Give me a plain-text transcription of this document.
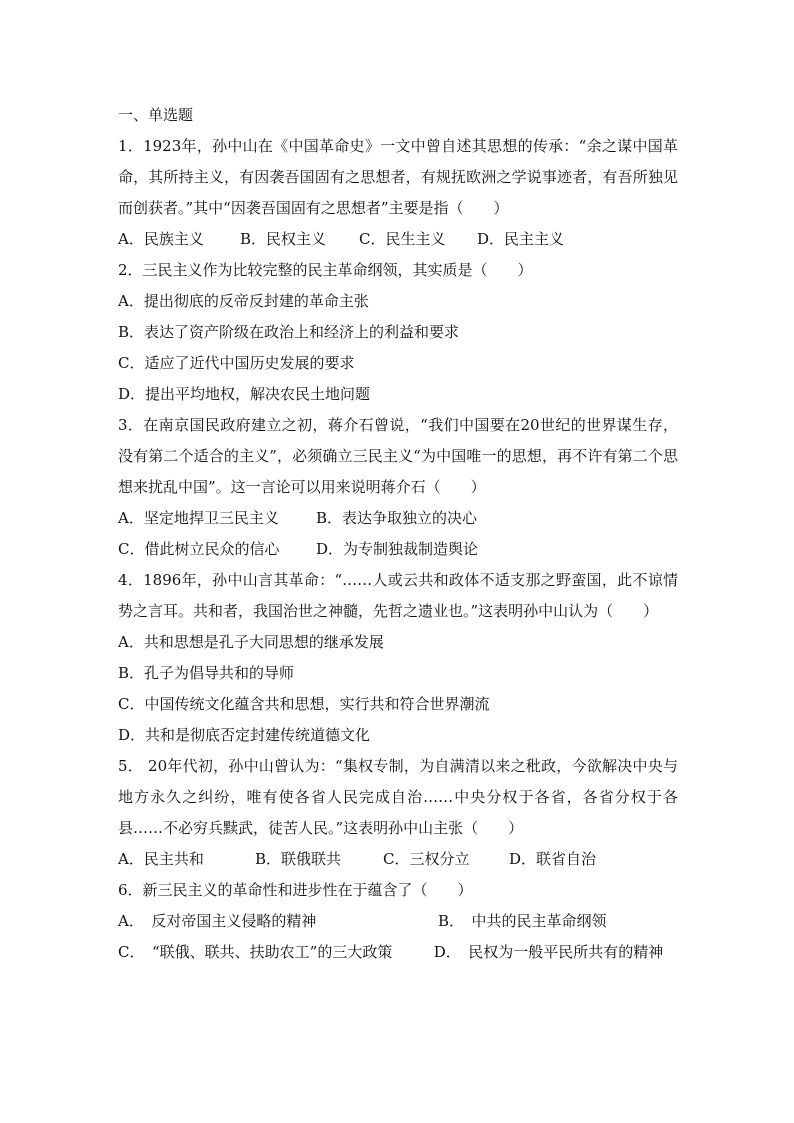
一、单选题

1．1923年，孙中山在《中国革命史》一文中曾自述其思想的传承：“余之谋中国革命，其所持主义，有因袭吾国固有之思想者，有规抚欧洲之学说事迹者，有吾所独见而创获者。”其中“因袭吾国固有之思想者”主要是指（　　）

A．民族主义	B．民权主义	C．民生主义	D．民主主义

2．三民主义作为比较完整的民主革命纲领，其实质是（　　）

A．提出彻底的反帝反封建的革命主张

B．表达了资产阶级在政治上和经济上的利益和要求

C．适应了近代中国历史发展的要求

D．提出平均地权，解决农民土地问题

3．在南京国民政府建立之初，蒋介石曾说，“我们中国要在20世纪的世界谋生存，没有第二个适合的主义”，必须确立三民主义“为中国唯一的思想，再不许有第二个思想来扰乱中国”。这一言论可以用来说明蒋介石（　　）

A．坚定地捍卫三民主义	B．表达争取独立的决心
C．借此树立民众的信心	D．为专制独裁制造舆论

4．1896年，孙中山言其革命：“……人或云共和政体不适支那之野蛮国，此不谅情势之言耳。共和者，我国治世之神髓，先哲之遗业也。”这表明孙中山认为（　　）

A．共和思想是孔子大同思想的继承发展

B．孔子为倡导共和的导师

C．中国传统文化蕴含共和思想，实行共和符合世界潮流

D．共和是彻底否定封建传统道德文化

5． 20年代初，孙中山曾认为：“集权专制，为自满清以来之秕政，今欲解决中央与地方永久之纠纷，唯有使各省人民完成自治……中央分权于各省，各省分权于各县……不必穷兵黩武，徒苦人民。”这表明孙中山主张（　　）

A．民主共和	B．联俄联共	C．三权分立	D．联省自治

6．新三民主义的革命性和进步性在于蕴含了（　　）

A．　反对帝国主义侵略的精神	B．　中共的民主革命纲领
C．　“联俄、联共、扶助农工”的三大政策	D．　民权为一般平民所共有的精神
